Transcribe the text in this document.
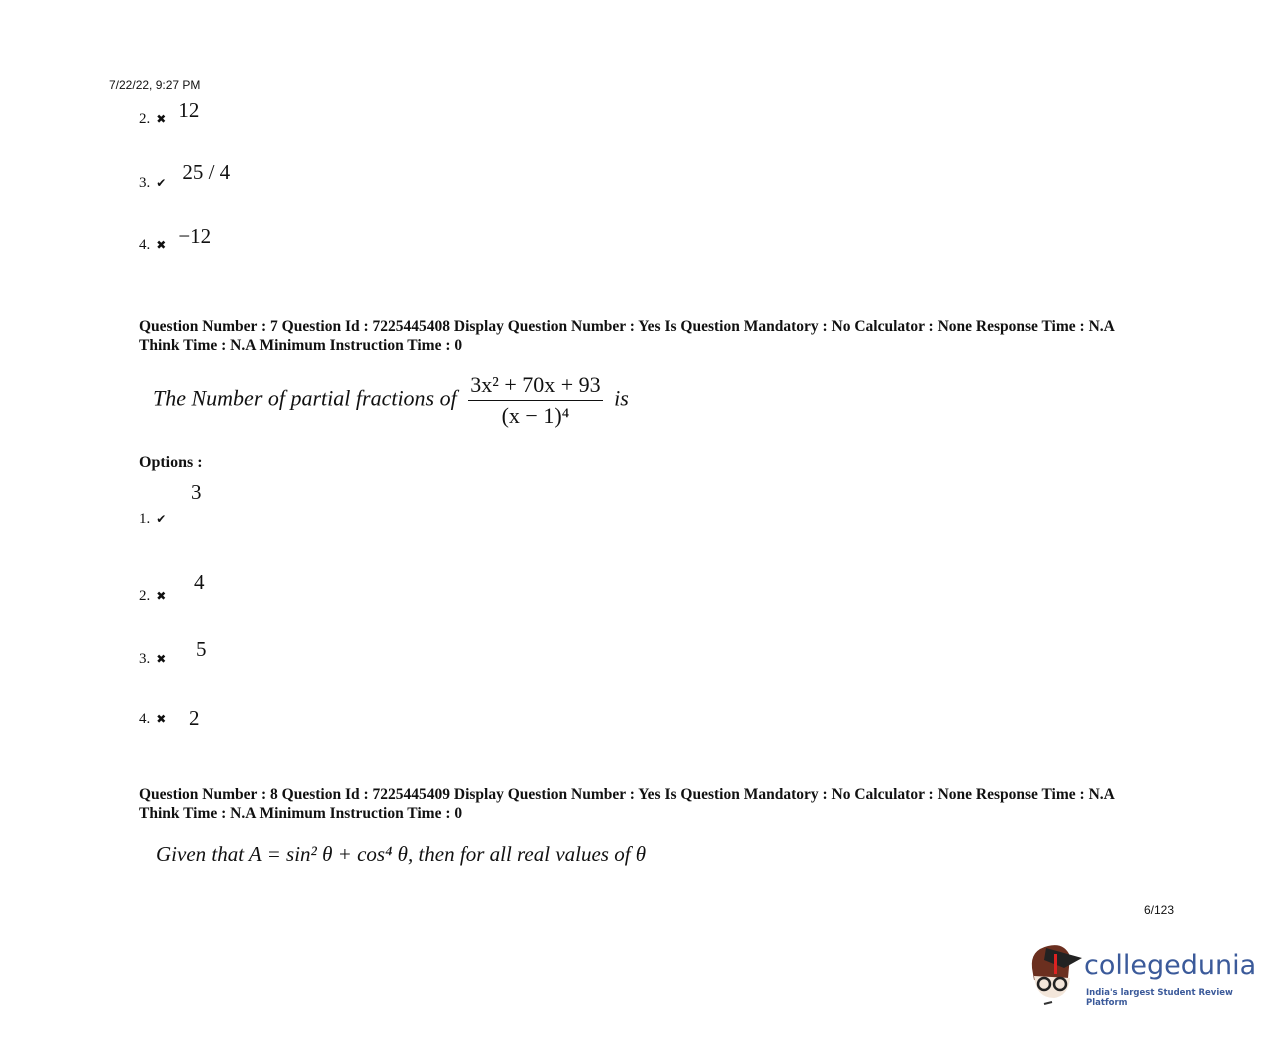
7/22/22, 9:27 PM
2. ✖ 12
3. ✔ 25 / 4
4. ✖ −12
Question Number : 7 Question Id : 7225445408 Display Question Number : Yes Is Question Mandatory : No Calculator : None Response Time : N.A Think Time : N.A Minimum Instruction Time : 0
The Number of partial fractions of $\frac{\text{3x² + 70x + 93}}{\text{(x − 1)⁴}}$ is
Options :
3
1. ✔
4
2. ✖
5
3. ✖
2
4. ✖
Question Number : 8 Question Id : 7225445409 Display Question Number : Yes Is Question Mandatory : No Calculator : None Response Time : N.A Think Time : N.A Minimum Instruction Time : 0
Given that A = sin² θ + cos⁴ θ, then for all real values of θ
6/123
collegedunia
India's largest Student Review Platform
